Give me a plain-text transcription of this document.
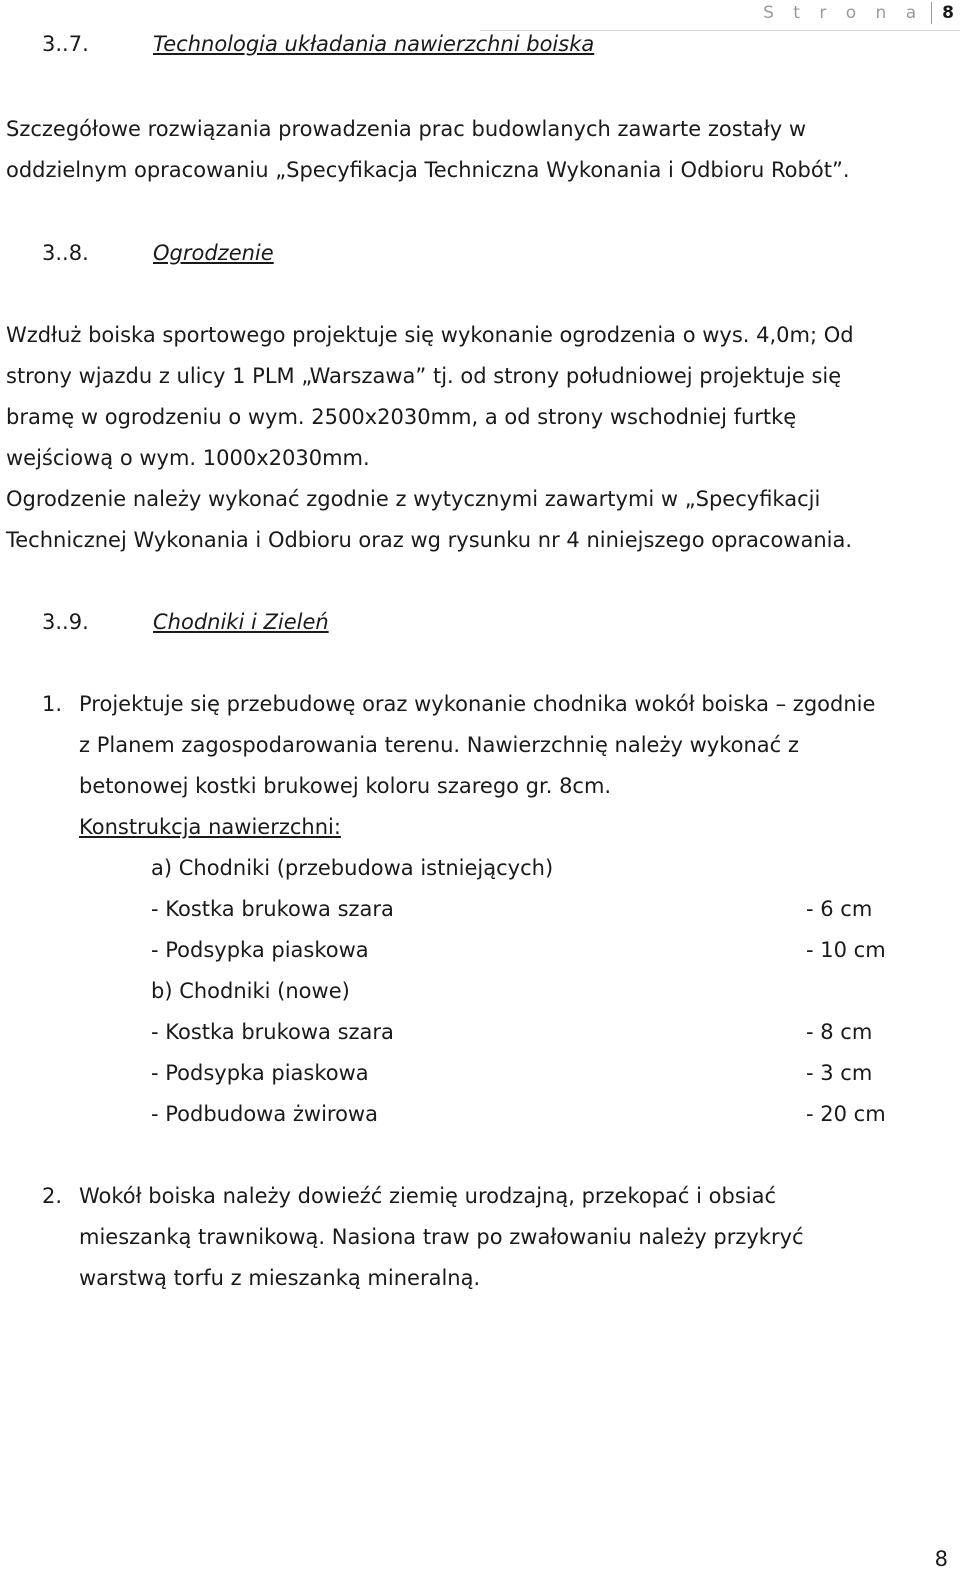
S t r o n a 8
3..7.	Technologia układania nawierzchni boiska
Szczegółowe rozwiązania prowadzenia prac budowlanych zawarte zostały w
oddzielnym opracowaniu „Specyfikacja Techniczna Wykonania i Odbioru Robót”.
3..8.	Ogrodzenie
Wzdłuż boiska sportowego projektuje się wykonanie ogrodzenia o wys. 4,0m; Od
strony wjazdu z ulicy 1 PLM „Warszawa” tj. od strony południowej projektuje się
bramę w ogrodzeniu o wym. 2500x2030mm, a od strony wschodniej furtkę
wejściową o wym. 1000x2030mm.
Ogrodzenie należy wykonać zgodnie z wytycznymi zawartymi w „Specyfikacji
Technicznej Wykonania i Odbioru oraz wg rysunku nr 4 niniejszego opracowania.
3..9.	Chodniki i Zieleń
1. Projektuje się przebudowę oraz wykonanie chodnika wokół boiska – zgodnie
z Planem zagospodarowania terenu. Nawierzchnię należy wykonać z
betonowej kostki brukowej koloru szarego gr. 8cm.
Konstrukcja nawierzchni:
a) Chodniki (przebudowa istniejących)
- Kostka brukowa szara	- 6 cm
- Podsypka piaskowa	- 10 cm
b) Chodniki (nowe)
- Kostka brukowa szara	- 8 cm
- Podsypka piaskowa	- 3 cm
- Podbudowa żwirowa	- 20 cm
2. Wokół boiska należy dowieźć ziemię urodzajną, przekopać i obsiać
mieszanką trawnikową. Nasiona traw po zwałowaniu należy przykryć
warstwą torfu z mieszanką mineralną.
8
